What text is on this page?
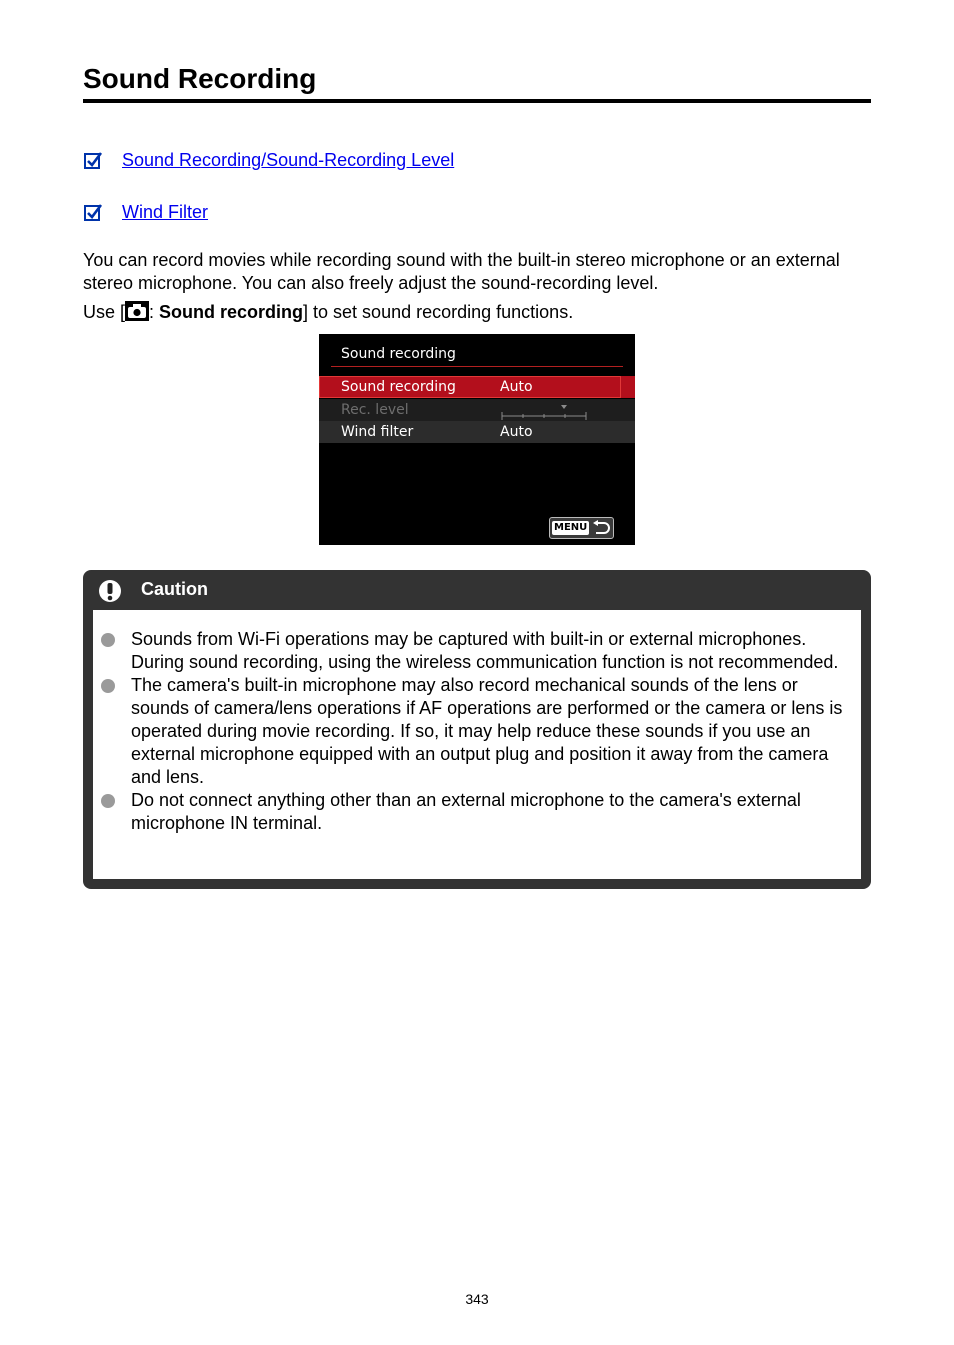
Sound Recording
Sound Recording/Sound-Recording Level
Wind Filter

You can record movies while recording sound with the built-in stereo microphone or an external stereo microphone. You can also freely adjust the sound-recording level.

Use [ : Sound recording] to set sound recording functions.

Sound recording
Sound recording	Auto
Rec. level
Wind filter	Auto
MENU
Caution
Sounds from Wi-Fi operations may be captured with built-in or external microphones. During sound recording, using the wireless communication function is not recommended.
The camera's built-in microphone may also record mechanical sounds of the lens or sounds of camera/lens operations if AF operations are performed or the camera or lens is operated during movie recording. If so, it may help reduce these sounds if you use an external microphone equipped with an output plug and position it away from the camera and lens.
Do not connect anything other than an external microphone to the camera's external microphone IN terminal.
343
